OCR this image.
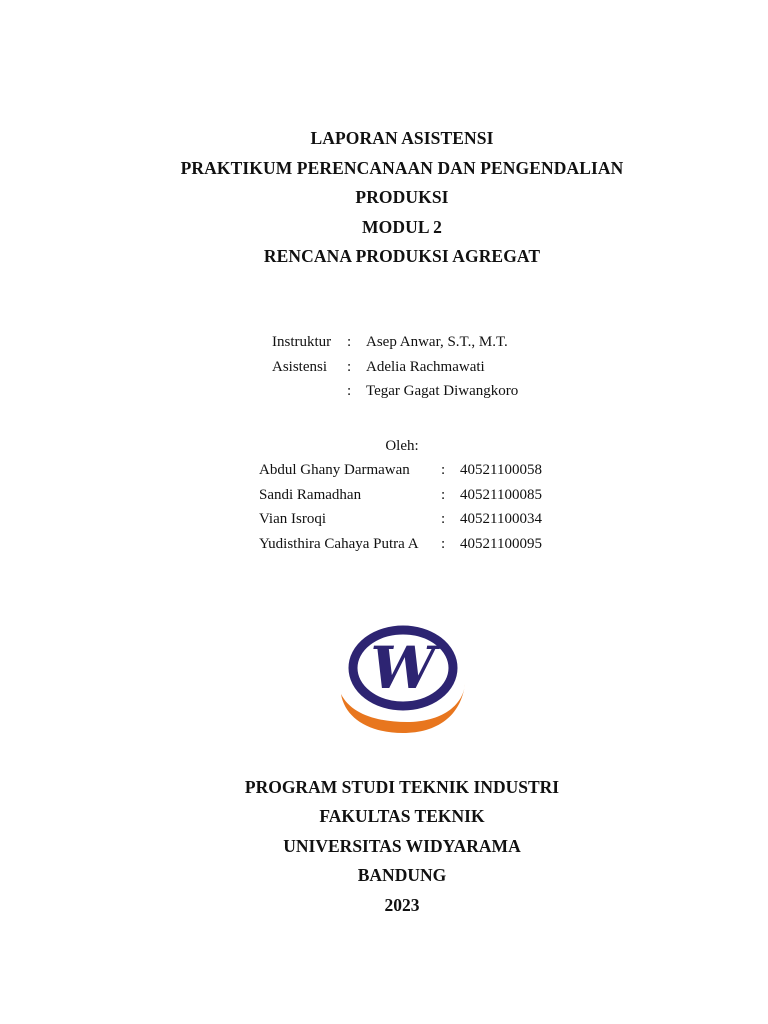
LAPORAN ASISTENSI
PRAKTIKUM PERENCANAAN DAN PENGENDALIAN
PRODUKSI
MODUL 2
RENCANA PRODUKSI AGREGAT
Instruktur : Asep Anwar, S.T., M.T.
Asistensi : Adelia Rachmawati
: Tegar Gagat Diwangkoro
Oleh:
Abdul Ghany Darmawan : 40521100058
Sandi Ramadhan	: 40521100085
Vian Isroqi	: 40521100034
Yudisthira Cahaya Putra A : 40521100095
W
PROGRAM STUDI TEKNIK INDUSTRI
FAKULTAS TEKNIK
UNIVERSITAS WIDYARAMA
BANDUNG
2023
